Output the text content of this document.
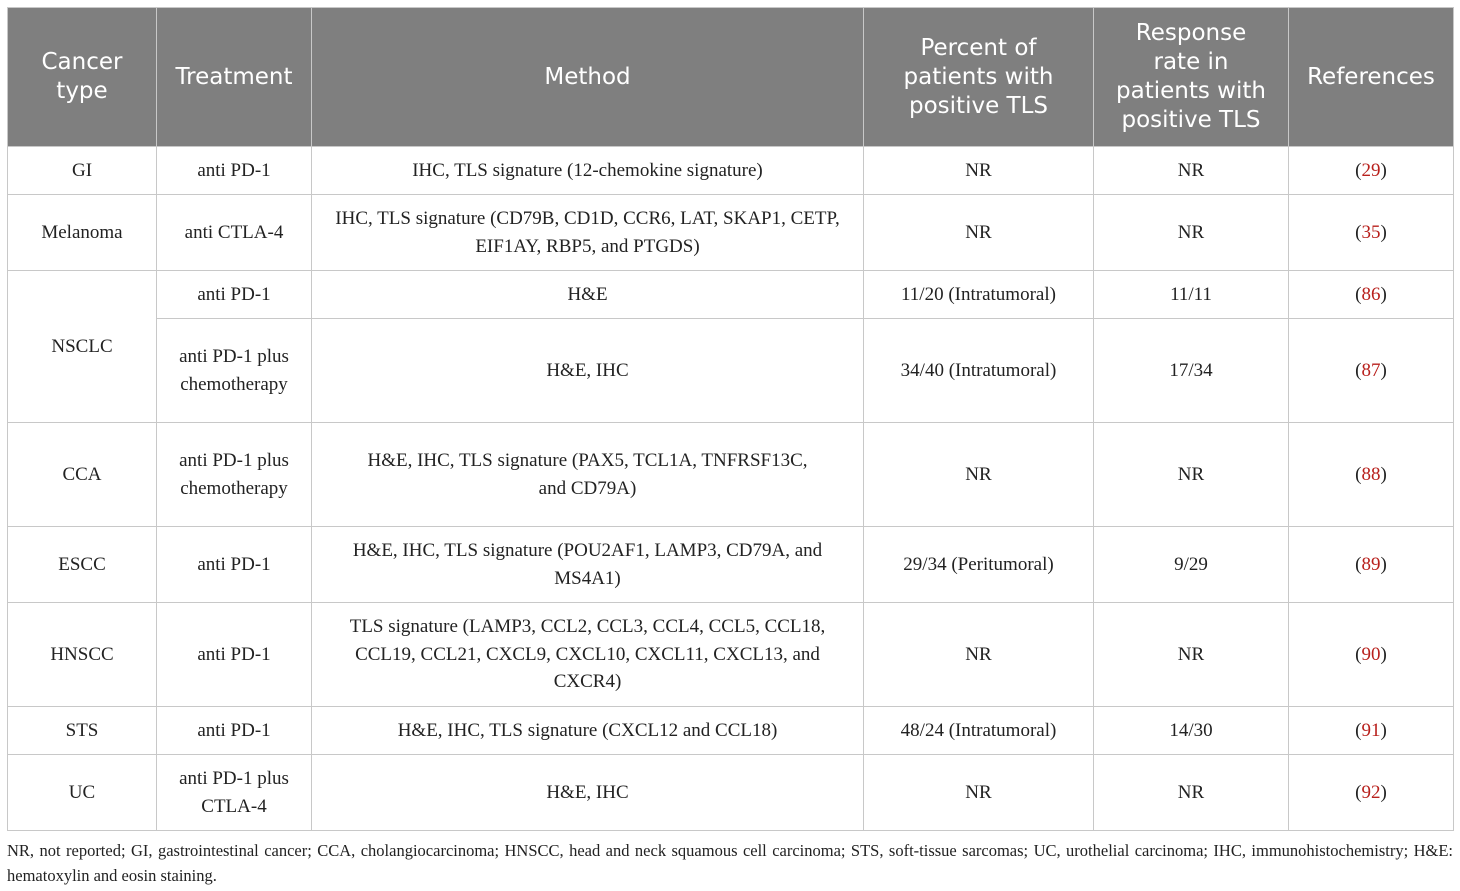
Cancer type	Treatment	Method	Percent of patients with positive TLS	Response rate in patients with positive TLS	References
GI	anti PD-1	IHC, TLS signature (12-chemokine signature)	NR	NR	(29)
Melanoma	anti CTLA-4	IHC, TLS signature (CD79B, CD1D, CCR6, LAT, SKAP1, CETP, EIF1AY, RBP5, and PTGDS)	NR	NR	(35)
NSCLC	anti PD-1	H&E	11/20 (Intratumoral)	11/11	(86)
	anti PD-1 plus chemotherapy	H&E, IHC	34/40 (Intratumoral)	17/34	(87)
CCA	anti PD-1 plus chemotherapy	H&E, IHC, TLS signature (PAX5, TCL1A, TNFRSF13C, and CD79A)	NR	NR	(88)
ESCC	anti PD-1	H&E, IHC, TLS signature (POU2AF1, LAMP3, CD79A, and MS4A1)	29/34 (Peritumoral)	9/29	(89)
HNSCC	anti PD-1	TLS signature (LAMP3, CCL2, CCL3, CCL4, CCL5, CCL18, CCL19, CCL21, CXCL9, CXCL10, CXCL11, CXCL13, and CXCR4)	NR	NR	(90)
STS	anti PD-1	H&E, IHC, TLS signature (CXCL12 and CCL18)	48/24 (Intratumoral)	14/30	(91)
UC	anti PD-1 plus CTLA-4	H&E, IHC	NR	NR	(92)
NR, not reported; GI, gastrointestinal cancer; CCA, cholangiocarcinoma; HNSCC, head and neck squamous cell carcinoma; STS, soft-tissue sarcomas; UC, urothelial carcinoma; IHC, immunohistochemistry; H&E: hematoxylin and eosin staining.
